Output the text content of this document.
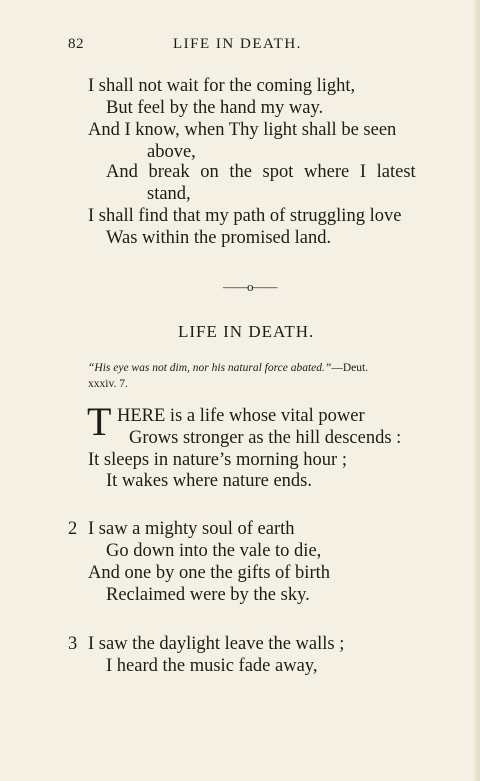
82	LIFE IN DEATH.
I shall not wait for the coming light,
But feel by the hand my way.
And I know, when Thy light shall be seen
above,
And break on the spot where I latest
stand,
I shall find that my path of struggling love
Was within the promised land.
——o——
LIFE IN DEATH.
“His eye was not dim, nor his natural force abated.”—Deut.
xxxiv. 7.
T HERE is a life whose vital power
Grows stronger as the hill descends :
It sleeps in nature’s morning hour ;
It wakes where nature ends.
2 I saw a mighty soul of earth
Go down into the vale to die,
And one by one the gifts of birth
Reclaimed were by the sky.
3 I saw the daylight leave the walls ;
I heard the music fade away,
